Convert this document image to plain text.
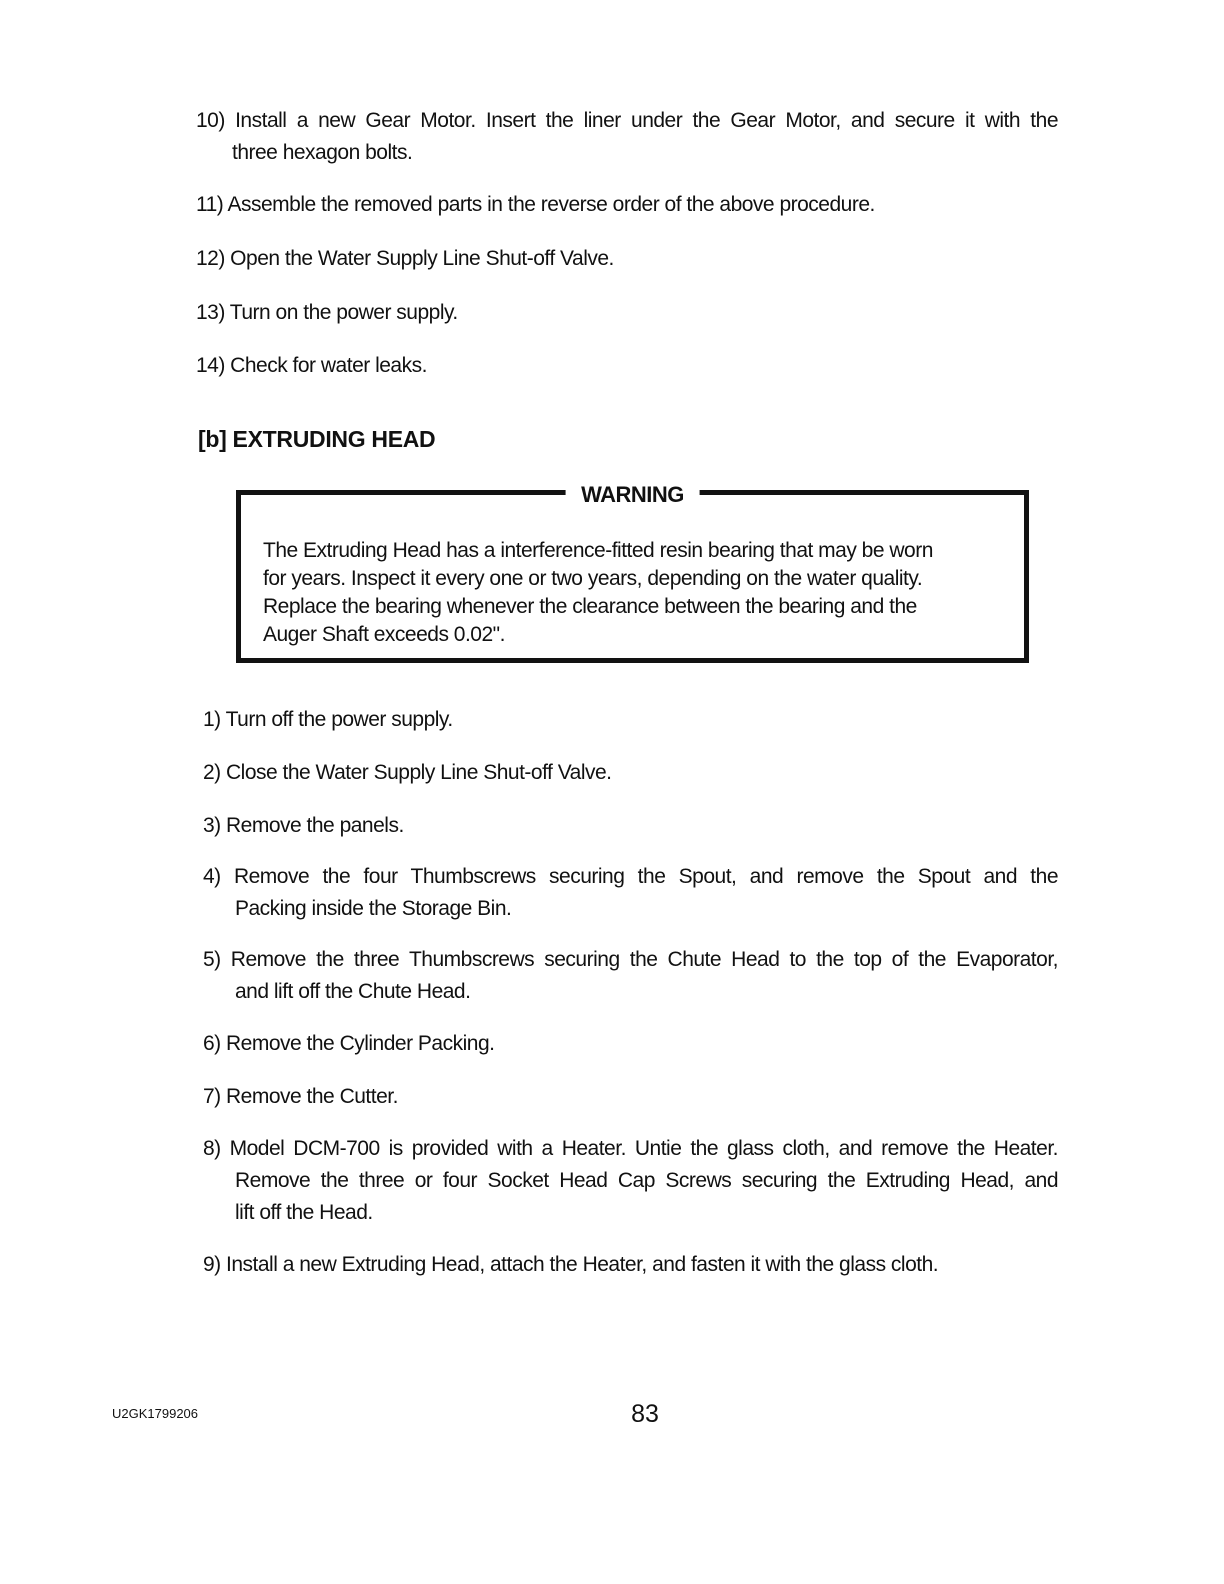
10) Install a new Gear Motor. Insert the liner under the Gear Motor, and secure it with the
three hexagon bolts.
11) Assemble the removed parts in the reverse order of the above procedure.
12) Open the Water Supply Line Shut-off Valve.
13) Turn on the power supply.
14) Check for water leaks.
[b] EXTRUDING HEAD
WARNING
The Extruding Head has a interference-fitted resin bearing that may be worn
for years. Inspect it every one or two years, depending on the water quality.
Replace the bearing whenever the clearance between the bearing and the
Auger Shaft exceeds 0.02".
1) Turn off the power supply.
2) Close the Water Supply Line Shut-off Valve.
3) Remove the panels.
4) Remove the four Thumbscrews securing the Spout, and remove the Spout and the
Packing inside the Storage Bin.
5) Remove the three Thumbscrews securing the Chute Head to the top of the Evaporator,
and lift off the Chute Head.
6) Remove the Cylinder Packing.
7) Remove the Cutter.
8) Model DCM-700 is provided with a Heater. Untie the glass cloth, and remove the Heater.
Remove the three or four Socket Head Cap Screws securing the Extruding Head, and
lift off the Head.
9) Install a new Extruding Head, attach the Heater, and fasten it with the glass cloth.
U2GK1799206	83
